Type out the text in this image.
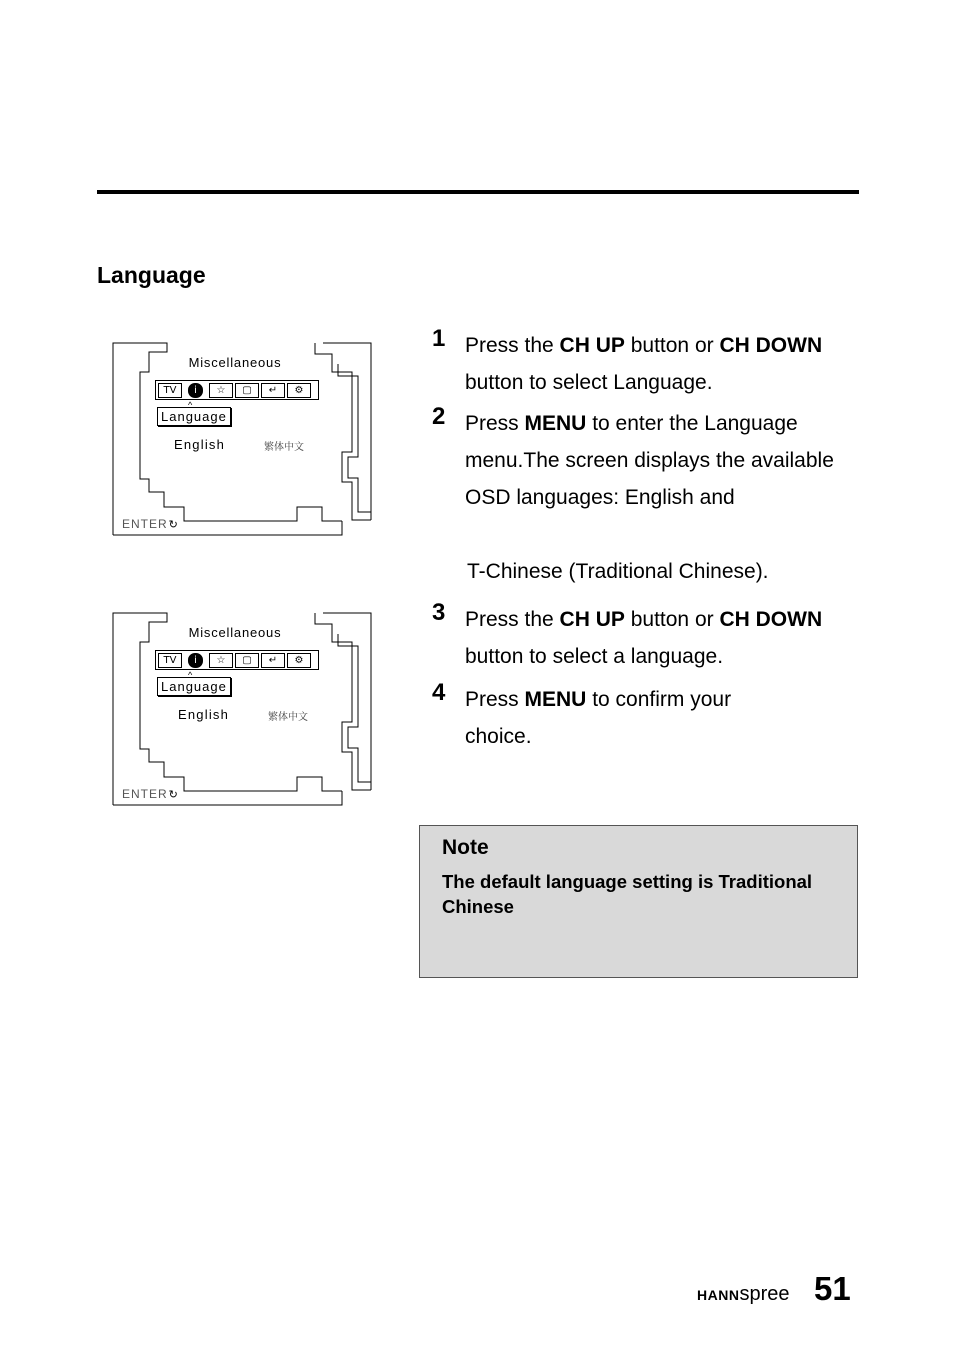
Language
Miscellaneous
TV	i	☆	▢	↵	⚙
^
Language
English	繁体中文
ENTER↻
Miscellaneous
TV	i	☆	▢	↵	⚙
^
Language
English	繁体中文
ENTER↻
1 Press the CH UP button or CH DOWN button to select Language.
2 Press MENU to enter the Language menu.The screen displays the available OSD languages: English and
T-Chinese (Traditional Chinese).
3 Press the CH UP button or CH DOWN button to select a language.
4 Press MENU to confirm your choice.
Note
The default language setting is Traditional Chinese
HANNspree 51
